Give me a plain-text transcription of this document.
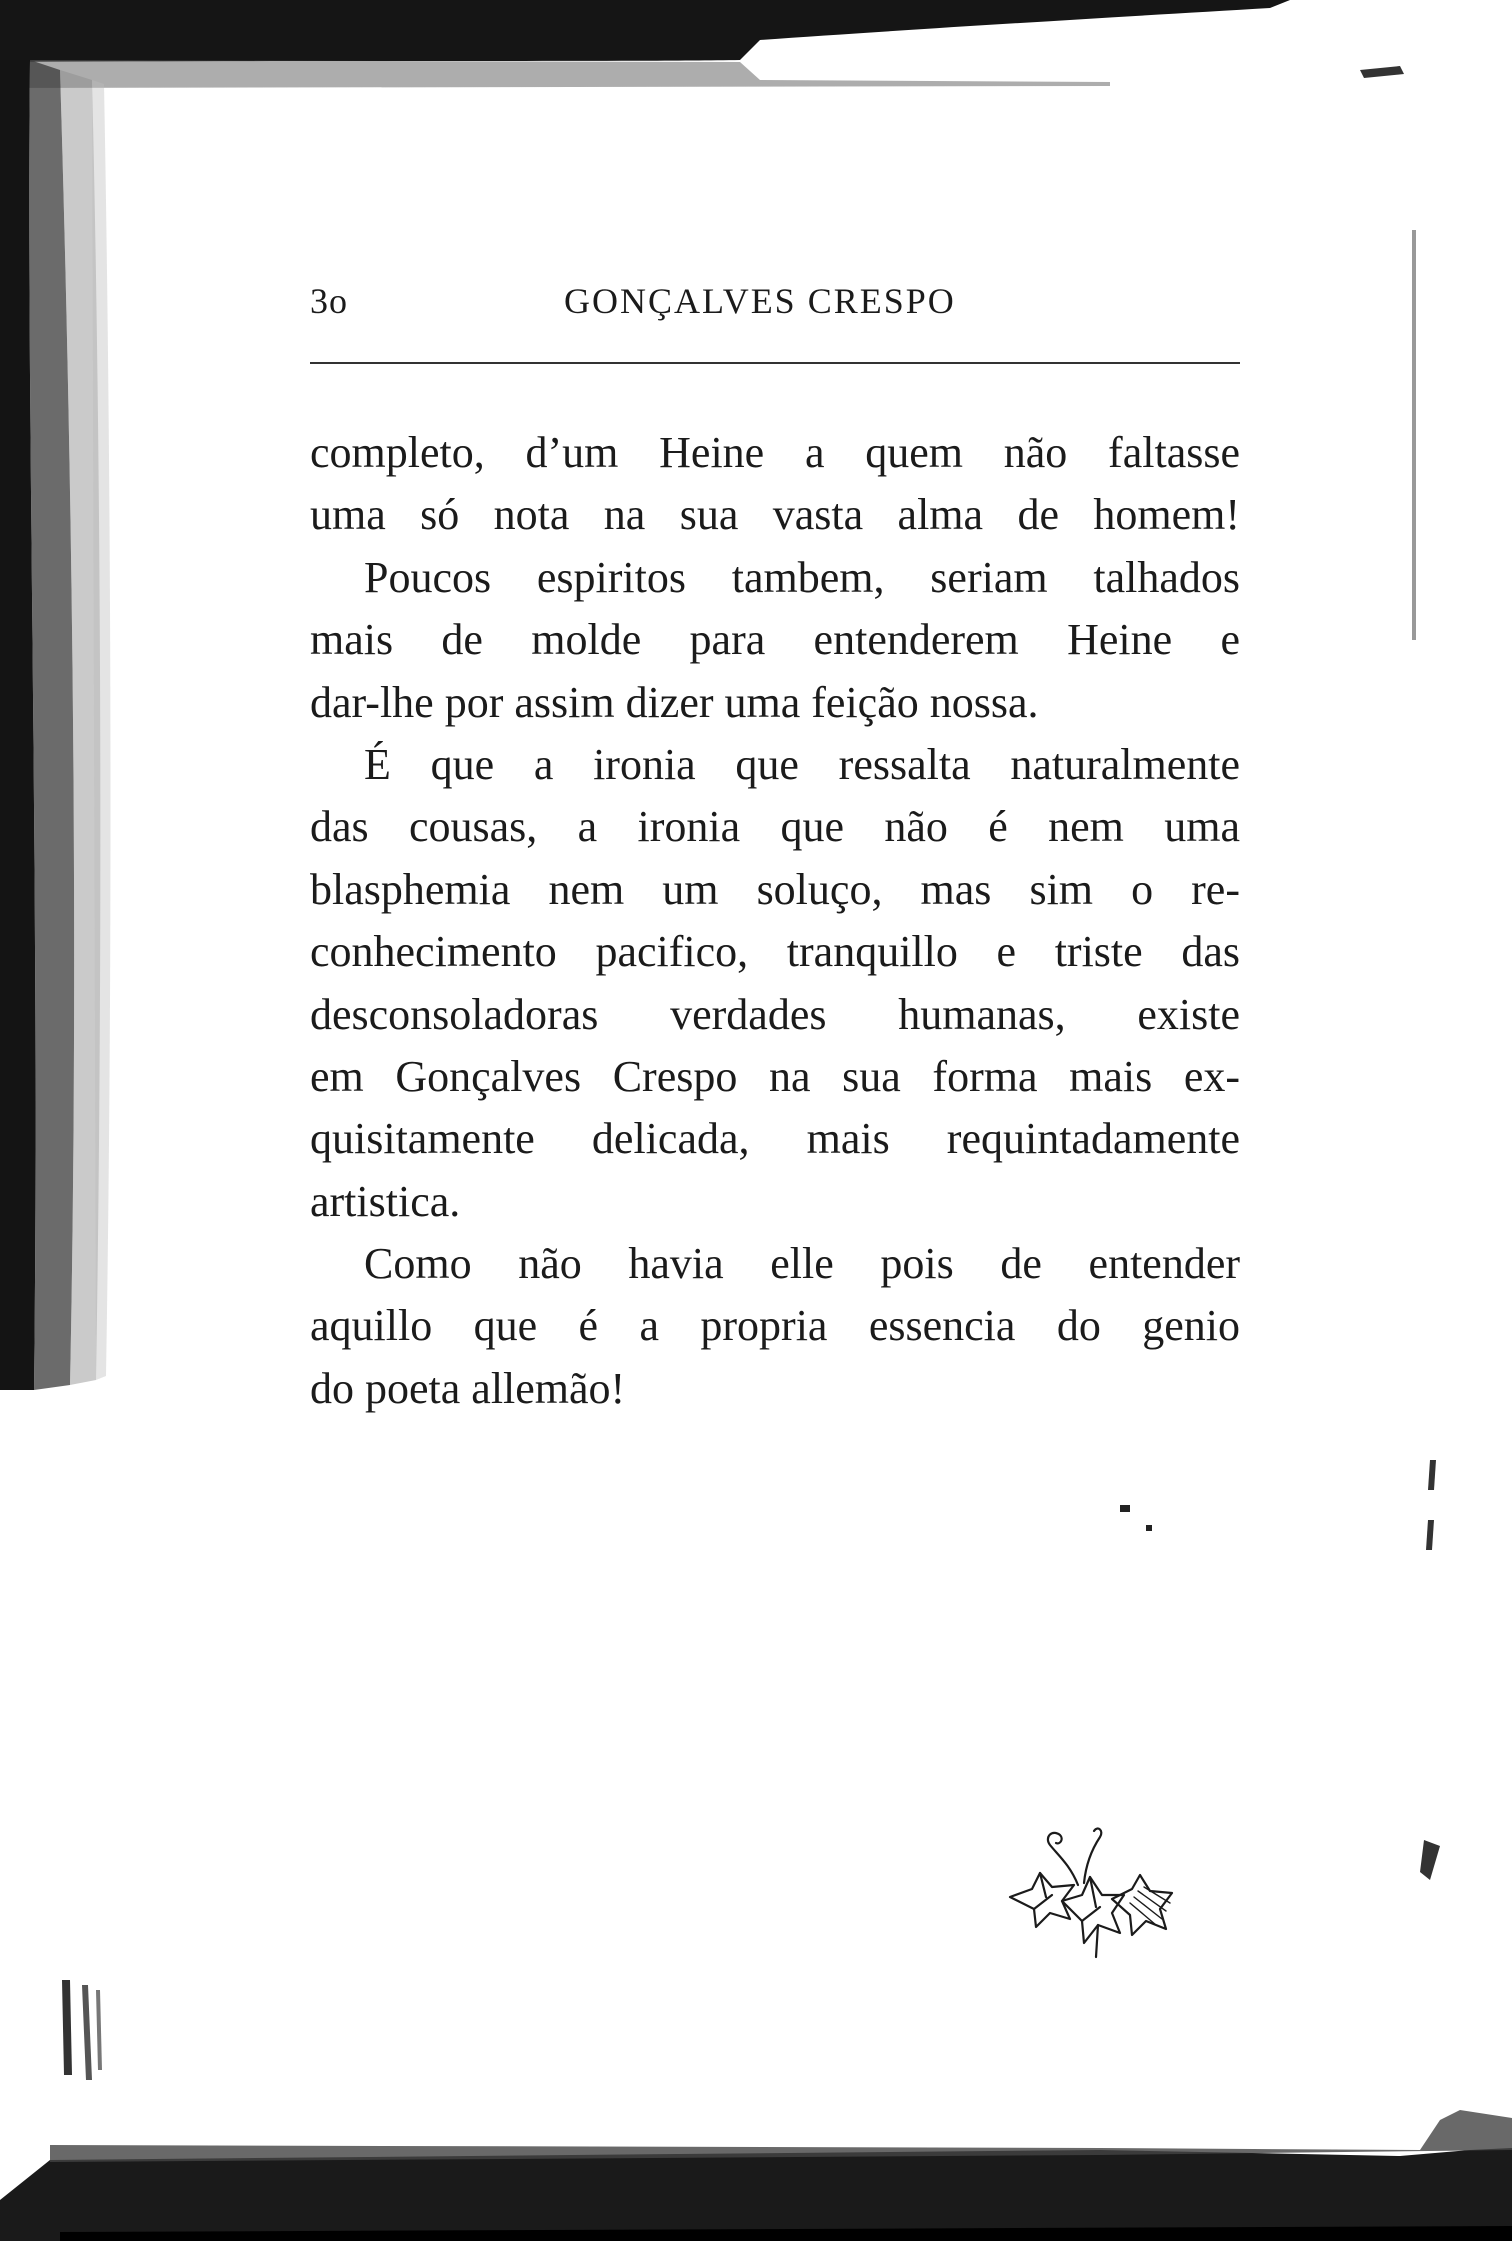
3o	GONÇALVES CRESPO
completo, d’um Heine a quem não faltasse
uma só nota na sua vasta alma de homem!
Poucos espiritos tambem, seriam talhados
mais de molde para entenderem Heine e
dar-lhe por assim dizer uma feição nossa.
É que a ironia que ressalta naturalmente
das cousas, a ironia que não é nem uma
blasphemia nem um soluço, mas sim o re-
conhecimento pacifico, tranquillo e triste das
desconsoladoras verdades humanas, existe
em Gonçalves Crespo na sua forma mais ex-
quisitamente delicada, mais requintadamente
artistica.
Como não havia elle pois de entender
aquillo que é a propria essencia do genio
do poeta allemão!
